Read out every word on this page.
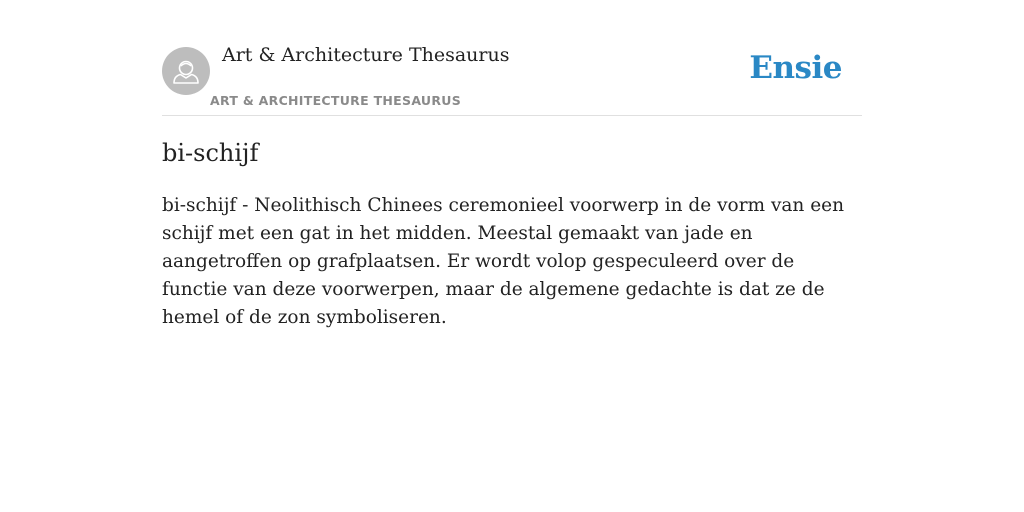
Art & Architecture Thesaurus
ART & ARCHITECTURE THESAURUS
Ensie
bi-schijf

bi-schijf - Neolithisch Chinees ceremonieel voorwerp in de vorm van een schijf met een gat in het midden. Meestal gemaakt van jade en aangetroffen op grafplaatsen. Er wordt volop gespeculeerd over de functie van deze voorwerpen, maar de algemene gedachte is dat ze de hemel of de zon symboliseren.
